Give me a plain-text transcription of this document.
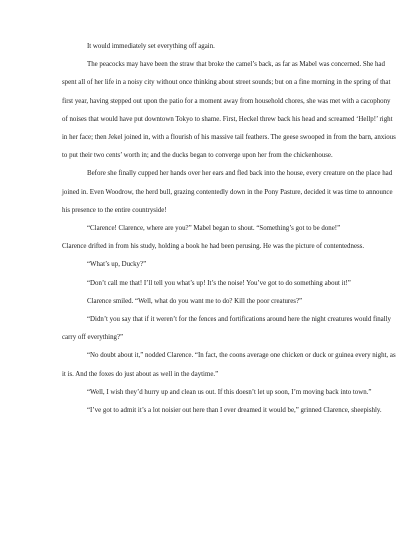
It would immediately set everything off again.

The peacocks may have been the straw that broke the camel’s back, as far as Mabel was concerned. She had spent all of her life in a noisy city without once thinking about street sounds; but on a fine morning in the spring of that first year, having stepped out upon the patio for a moment away from household chores, she was met with a cacophony of noises that would have put downtown Tokyo to shame. First, Heckel threw back his head and screamed ‘Hellp!’ right in her face; then Jekel joined in, with a flourish of his massive tail feathers. The geese swooped in from the barn, anxious to put their two cents’ worth in; and the ducks began to converge upon her from the chickenhouse.

Before she finally cupped her hands over her ears and fled back into the house, every creature on the place had joined in. Even Woodrow, the herd bull, grazing contentedly down in the Pony Pasture, decided it was time to announce his presence to the entire countryside!

“Clarence! Clarence, where are you?” Mabel began to shout. “Something’s got to be done!”

Clarence drifted in from his study, holding a book he had been perusing. He was the picture of contentedness.

“What’s up, Ducky?”

“Don’t call me that! I’ll tell you what’s up! It’s the noise! You’ve got to do something about it!”

Clarence smiled. “Well, what do you want me to do? Kill the poor creatures?”

“Didn’t you say that if it weren’t for the fences and fortifications around here the night creatures would finally carry off everything?”

“No doubt about it,” nodded Clarence. “In fact, the coons average one chicken or duck or guinea every night, as it is. And the foxes do just about as well in the daytime.”

“Well, I wish they’d hurry up and clean us out. If this doesn’t let up soon, I’m moving back into town.”

“I’ve got to admit it’s a lot noisier out here than I ever dreamed it would be,” grinned Clarence, sheepishly.
